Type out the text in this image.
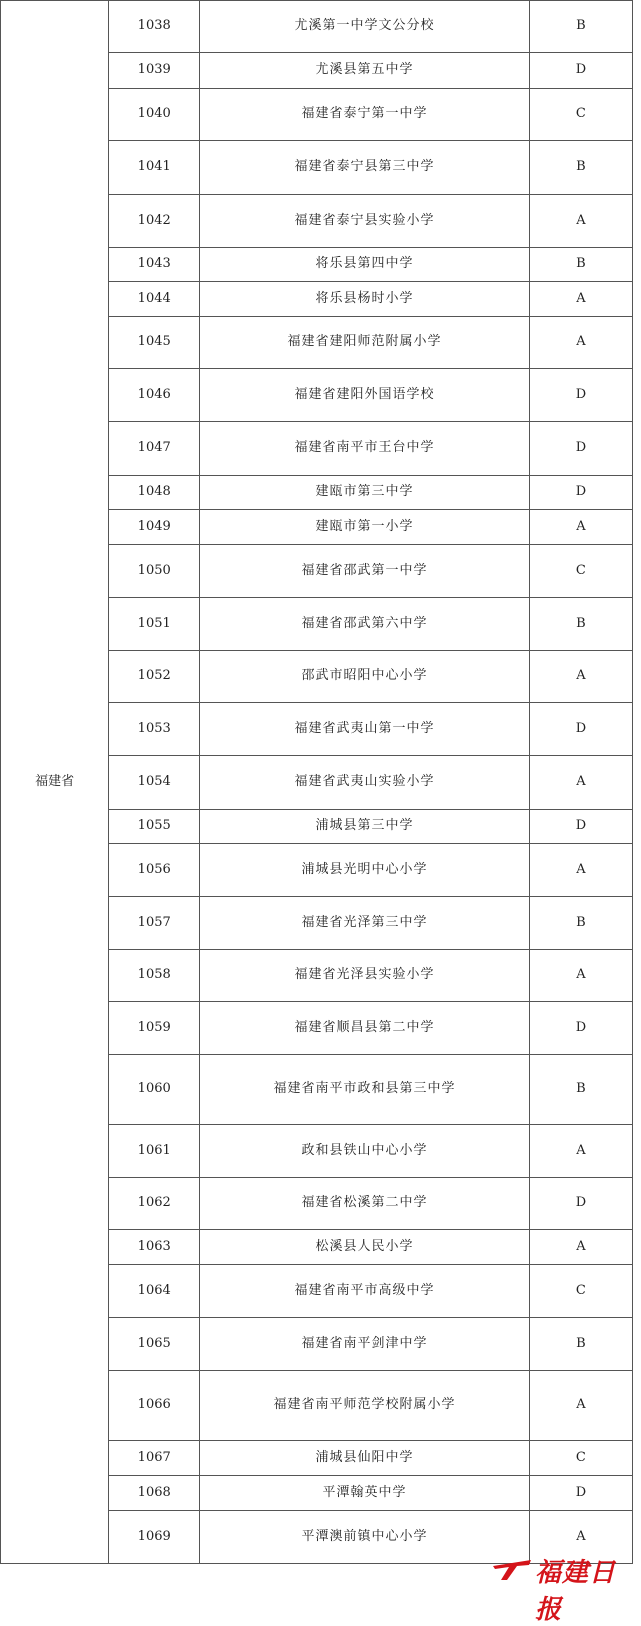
福建省	1038	尤溪第一中学文公分校	B
	1039	尤溪县第五中学	D
	1040	福建省泰宁第一中学	C
	1041	福建省泰宁县第三中学	B
	1042	福建省泰宁县实验小学	A
	1043	将乐县第四中学	B
	1044	将乐县杨时小学	A
	1045	福建省建阳师范附属小学	A
	1046	福建省建阳外国语学校	D
	1047	福建省南平市王台中学	D
	1048	建瓯市第三中学	D
	1049	建瓯市第一小学	A
	1050	福建省邵武第一中学	C
	1051	福建省邵武第六中学	B
	1052	邵武市昭阳中心小学	A
	1053	福建省武夷山第一中学	D
	1054	福建省武夷山实验小学	A
	1055	浦城县第三中学	D
	1056	浦城县光明中心小学	A
	1057	福建省光泽第三中学	B
	1058	福建省光泽县实验小学	A
	1059	福建省顺昌县第二中学	D
	1060	福建省南平市政和县第三中学	B
	1061	政和县铁山中心小学	A
	1062	福建省松溪第二中学	D
	1063	松溪县人民小学	A
	1064	福建省南平市高级中学	C
	1065	福建省南平剑津中学	B
	1066	福建省南平师范学校附属小学	A
	1067	浦城县仙阳中学	C
	1068	平潭翰英中学	D
	1069	平潭澳前镇中心小学	A
福建日报
